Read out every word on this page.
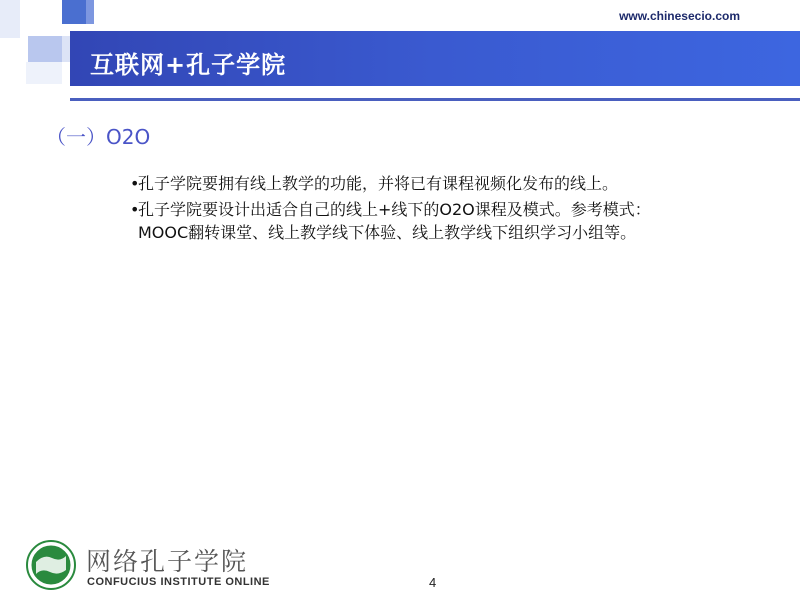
www.chinesecio.com
互联网+孔子学院
（一）O2O
•
孔子学院要拥有线上教学的功能，并将已有课程视频化发布的线上。
•
孔子学院要设计出适合自己的线上+线下的O2O课程及模式。参考模式：MOOC翻转课堂、线上教学线下体验、线上教学线下组织学习小组等。
网络孔子学院
CONFUCIUS INSTITUTE ONLINE	4
